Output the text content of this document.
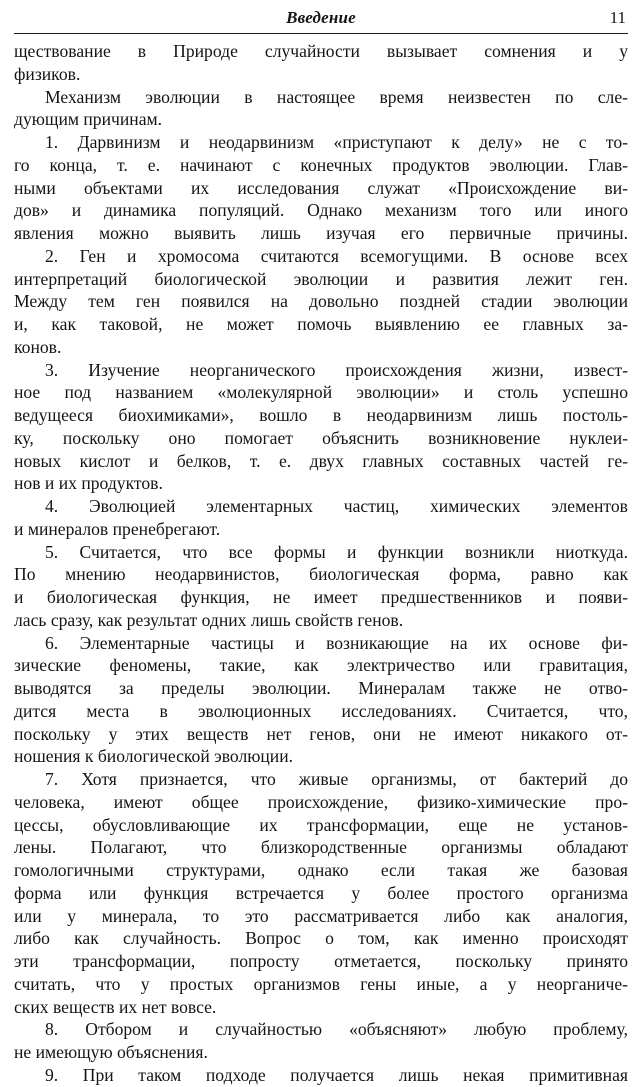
Введение	11
ществование в Природе случайности вызывает сомнения и у
физиков.
Механизм эволюции в настоящее время неизвестен по сле-
дующим причинам.
1. Дарвинизм и неодарвинизм «приступают к делу» не с то-
го конца, т. е. начинают с конечных продуктов эволюции. Глав-
ными объектами их исследования служат «Происхождение ви-
дов» и динамика популяций. Однако механизм того или иного
явления можно выявить лишь изучая его первичные причины.
2. Ген и хромосома считаются всемогущими. В основе всех
интерпретаций биологической эволюции и развития лежит ген.
Между тем ген появился на довольно поздней стадии эволюции
и, как таковой, не может помочь выявлению ее главных за-
конов.
3. Изучение неорганического происхождения жизни, извест-
ное под названием «молекулярной эволюции» и столь успешно
ведущееся биохимиками», вошло в неодарвинизм лишь постоль-
ку, поскольку оно помогает объяснить возникновение нуклеи-
новых кислот и белков, т. е. двух главных составных частей ге-
нов и их продуктов.
4. Эволюцией элементарных частиц, химических элементов
и минералов пренебрегают.
5. Считается, что все формы и функции возникли ниоткуда.
По мнению неодарвинистов, биологическая форма, равно как
и биологическая функция, не имеет предшественников и появи-
лась сразу, как результат одних лишь свойств генов.
6. Элементарные частицы и возникающие на их основе фи-
зические феномены, такие, как электричество или гравитация,
выводятся за пределы эволюции. Минералам также не отво-
дится места в эволюционных исследованиях. Считается, что,
поскольку у этих веществ нет генов, они не имеют никакого от-
ношения к биологической эволюции.
7. Хотя признается, что живые организмы, от бактерий до
человека, имеют общее происхождение, физико-химические про-
цессы, обусловливающие их трансформации, еще не установ-
лены. Полагают, что близкородственные организмы обладают
гомологичными структурами, однако если такая же базовая
форма или функция встречается у более простого организма
или у минерала, то это рассматривается либо как аналогия,
либо как случайность. Вопрос о том, как именно происходят
эти трансформации, попросту отметается, поскольку принято
считать, что у простых организмов гены иные, а у неорганиче-
ских веществ их нет вовсе.
8. Отбором и случайностью «объясняют» любую проблему,
не имеющую объяснения.
9. При таком подходе получается лишь некая примитивная
